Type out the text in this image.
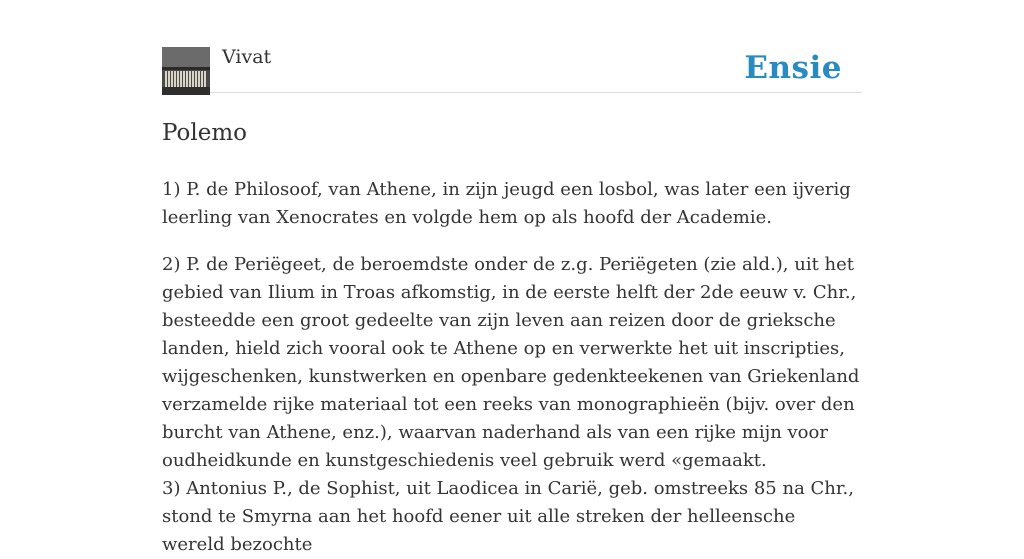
Vivat	Ensie
Polemo

1) P. de Philosoof, van Athene, in zijn jeugd een losbol, was later een ijverig leerling van Xenocrates en volgde hem op als hoofd der Academie.

2) P. de Periëgeet, de beroemdste onder de z.g. Periëgeten (zie ald.), uit het gebied van Ilium in Troas afkomstig, in de eerste helft der 2de eeuw v. Chr., besteedde een groot gedeelte van zijn leven aan reizen door de grieksche landen, hield zich vooral ook te Athene op en verwerkte het uit inscripties, wijgeschenken, kunstwerken en openbare gedenkteekenen van Griekenland verzamelde rijke materiaal tot een reeks van monographieën (bijv. over den burcht van Athene, enz.), waarvan naderhand als van een rijke mijn voor oudheidkunde en kunstgeschiedenis veel gebruik werd «gemaakt.

3) Antonius P., de Sophist, uit Laodicea in Carië, geb. omstreeks 85 na Chr., stond te Smyrna aan het hoofd eener uit alle streken der helleensche wereld bezochte
